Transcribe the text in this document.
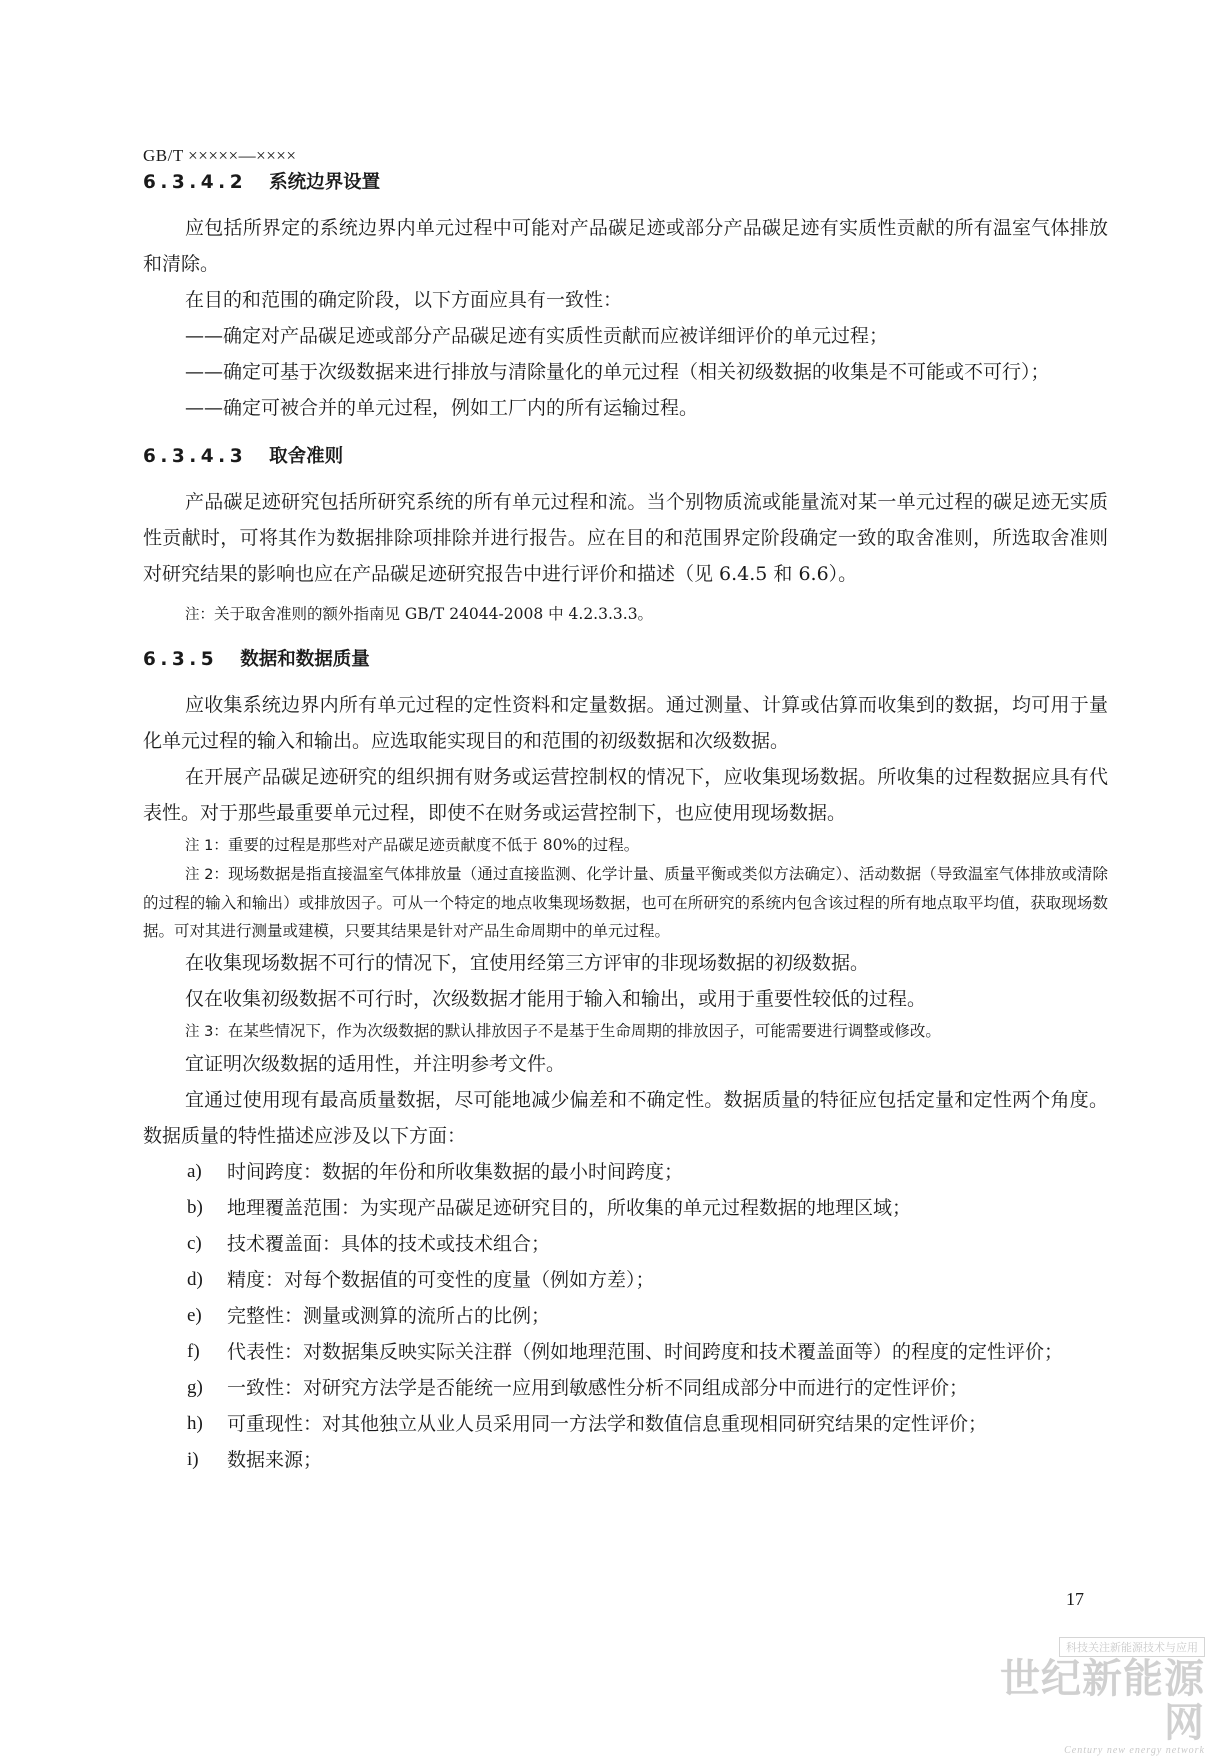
GB/T ×××××—××××
6.3.4.2 系统边界设置

应包括所界定的系统边界内单元过程中可能对产品碳足迹或部分产品碳足迹有实质性贡献的所有温室气体排放和清除。

在目的和范围的确定阶段，以下方面应具有一致性：

——确定对产品碳足迹或部分产品碳足迹有实质性贡献而应被详细评价的单元过程；

——确定可基于次级数据来进行排放与清除量化的单元过程（相关初级数据的收集是不可能或不可行）；

——确定可被合并的单元过程，例如工厂内的所有运输过程。

6.3.4.3 取舍准则

产品碳足迹研究包括所研究系统的所有单元过程和流。当个别物质流或能量流对某一单元过程的碳足迹无实质性贡献时，可将其作为数据排除项排除并进行报告。应在目的和范围界定阶段确定一致的取舍准则，所选取舍准则对研究结果的影响也应在产品碳足迹研究报告中进行评价和描述（见 6.4.5 和 6.6）。

注：关于取舍准则的额外指南见 GB/T 24044-2008 中 4.2.3.3.3。

6.3.5 数据和数据质量

应收集系统边界内所有单元过程的定性资料和定量数据。通过测量、计算或估算而收集到的数据，均可用于量化单元过程的输入和输出。应选取能实现目的和范围的初级数据和次级数据。

在开展产品碳足迹研究的组织拥有财务或运营控制权的情况下，应收集现场数据。所收集的过程数据应具有代表性。对于那些最重要单元过程，即使不在财务或运营控制下，也应使用现场数据。

注 1：重要的过程是那些对产品碳足迹贡献度不低于 80%的过程。

注 2：现场数据是指直接温室气体排放量（通过直接监测、化学计量、质量平衡或类似方法确定）、活动数据（导致温室气体排放或清除的过程的输入和输出）或排放因子。可从一个特定的地点收集现场数据，也可在所研究的系统内包含该过程的所有地点取平均值，获取现场数据。可对其进行测量或建模，只要其结果是针对产品生命周期中的单元过程。

在收集现场数据不可行的情况下，宜使用经第三方评审的非现场数据的初级数据。

仅在收集初级数据不可行时，次级数据才能用于输入和输出，或用于重要性较低的过程。

注 3：在某些情况下，作为次级数据的默认排放因子不是基于生命周期的排放因子，可能需要进行调整或修改。

宜证明次级数据的适用性，并注明参考文件。

宜通过使用现有最高质量数据，尽可能地减少偏差和不确定性。数据质量的特征应包括定量和定性两个角度。数据质量的特性描述应涉及以下方面：

a) 时间跨度：数据的年份和所收集数据的最小时间跨度；
b) 地理覆盖范围：为实现产品碳足迹研究目的，所收集的单元过程数据的地理区域；
c) 技术覆盖面：具体的技术或技术组合；
d) 精度：对每个数据值的可变性的度量（例如方差）；
e) 完整性：测量或测算的流所占的比例；
f) 代表性：对数据集反映实际关注群（例如地理范围、时间跨度和技术覆盖面等）的程度的定性评价；
g) 一致性：对研究方法学是否能统一应用到敏感性分析不同组成部分中而进行的定性评价；
h) 可重现性：对其他独立从业人员采用同一方法学和数值信息重现相同研究结果的定性评价；
i) 数据来源；
17
科技关注新能源技术与应用
世纪新能源网
Century new energy network
